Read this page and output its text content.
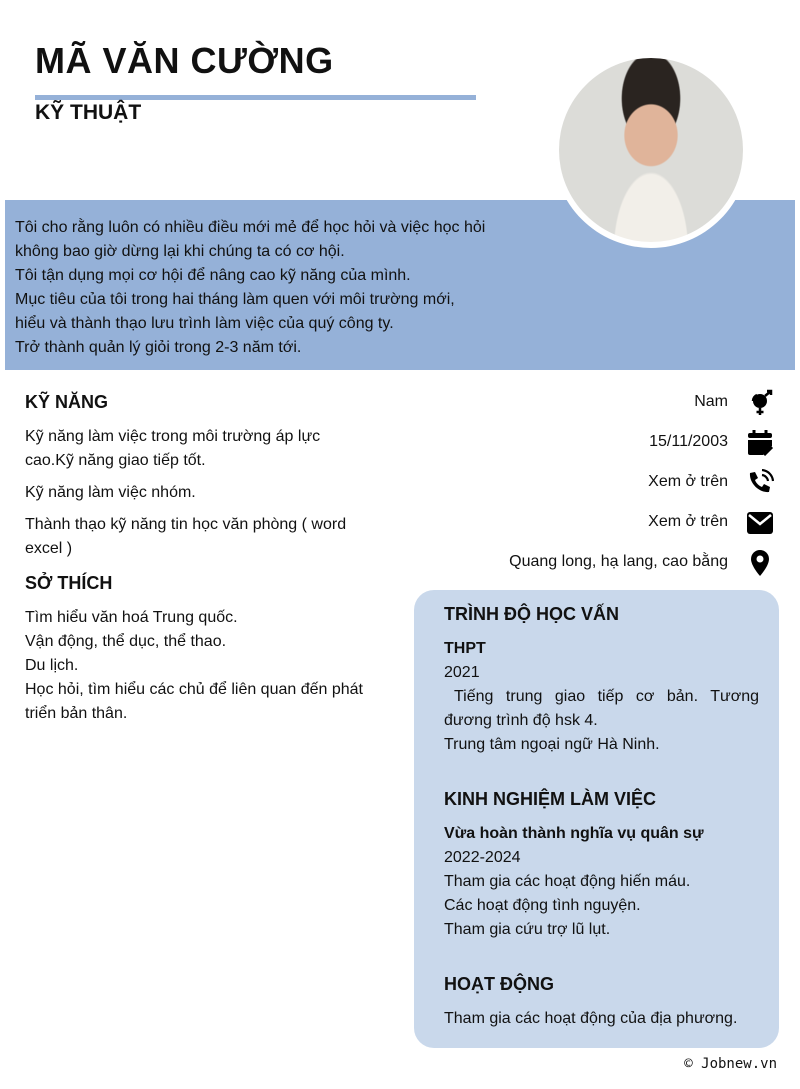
MÃ VĂN CƯỜNG
KỸ THUẬT
Tôi cho rằng luôn có nhiều điều mới mẻ để học hỏi và việc học hỏi
không bao giờ dừng lại khi chúng ta có cơ hội.
Tôi tận dụng mọi cơ hội để nâng cao kỹ năng của mình.
Mục tiêu của tôi trong hai tháng làm quen với môi trường mới,
hiểu và thành thạo lưu trình làm việc của quý công ty.
Trở thành quản lý giỏi trong 2-3 năm tới.
KỸ NĂNG
Kỹ năng làm việc trong môi trường áp lực cao.Kỹ năng giao tiếp tốt.
Kỹ năng làm việc nhóm.
Thành thạo kỹ năng tin học văn phòng ( word excel )
SỞ THÍCH
Tìm hiểu văn hoá Trung quốc.
Vận động, thể dục, thể thao.
Du lịch.
Học hỏi, tìm hiểu các chủ để liên quan đến phát triển bản thân.
Nam
15/11/2003
Xem ở trên
Xem ở trên
Quang long, hạ lang, cao bằng
TRÌNH ĐỘ HỌC VẤN
THPT
2021
Tiếng trung giao tiếp cơ bản. Tương đương trình độ hsk 4.
Trung tâm ngoại ngữ Hà Ninh.
KINH NGHIỆM LÀM VIỆC
Vừa hoàn thành nghĩa vụ quân sự
2022-2024
Tham gia các hoạt động hiến máu.
Các hoạt động tình nguyện.
Tham gia cứu trợ lũ lụt.
HOẠT ĐỘNG
Tham gia các hoạt động của địa phương.
© Jobnew.vn
